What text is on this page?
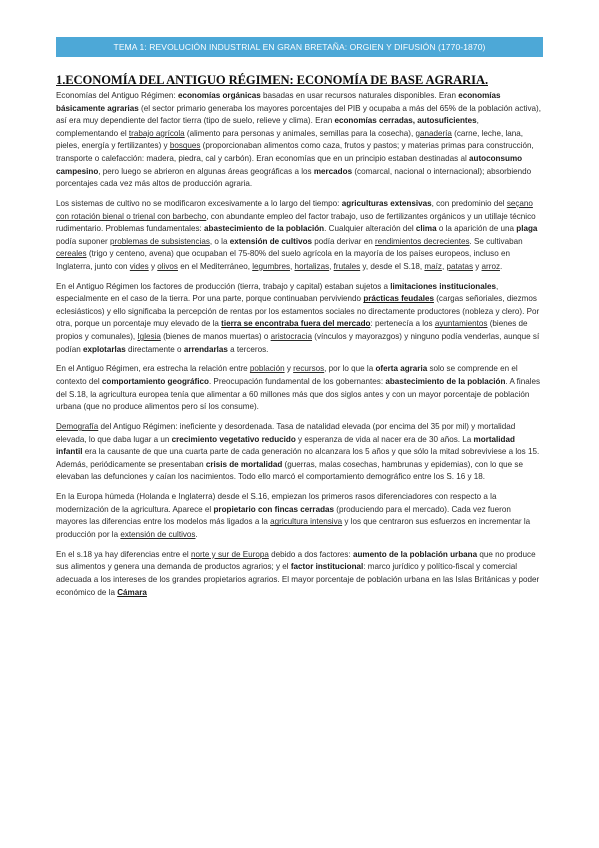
TEMA 1: REVOLUCIÓN INDUSTRIAL EN GRAN BRETAÑA: ORGIEN Y DIFUSIÓN (1770-1870)
1.ECONOMÍA DEL ANTIGUO RÉGIMEN: ECONOMÍA DE BASE AGRARIA.

Economías del Antiguo Régimen: economías orgánicas basadas en usar recursos naturales disponibles. Eran economías básicamente agrarias (el sector primario generaba los mayores porcentajes del PIB y ocupaba a más del 65% de la población activa), así era muy dependiente del factor tierra (tipo de suelo, relieve y clima). Eran economías cerradas, autosuficientes, complementando el trabajo agrícola (alimento para personas y animales, semillas para la cosecha), ganadería (carne, leche, lana, pieles, energía y fertilizantes) y bosques (proporcionaban alimentos como caza, frutos y pastos; y materias primas para construcción, transporte o calefacción: madera, piedra, cal y carbón). Eran economías que en un principio estaban destinadas al autoconsumo campesino, pero luego se abrieron en algunas áreas geográficas a los mercados (comarcal, nacional o internacional); absorbiendo porcentajes cada vez más altos de producción agraria.

Los sistemas de cultivo no se modificaron excesivamente a lo largo del tiempo: agriculturas extensivas, con predominio del seçano con rotación bienal o trienal con barbecho, con abundante empleo del factor trabajo, uso de fertilizantes orgánicos y un utillaje técnico rudimentario. Problemas fundamentales: abastecimiento de la población. Cualquier alteración del clima o la aparición de una plaga podía suponer problemas de subsistencias, o la extensión de cultivos podía derivar en rendimientos decrecientes. Se cultivaban cereales (trigo y centeno, avena) que ocupaban el 75-80% del suelo agrícola en la mayoría de los países europeos, incluso en Inglaterra, junto con vides y olivos en el Mediterráneo, legumbres, hortalizas, frutales y, desde el S.18, maíz, patatas y arroz.

En el Antiguo Régimen los factores de producción (tierra, trabajo y capital) estaban sujetos a limitaciones institucionales, especialmente en el caso de la tierra. Por una parte, porque continuaban perviviendo prácticas feudales (cargas señoriales, diezmos eclesiásticos) y ello significaba la percepción de rentas por los estamentos sociales no directamente productores (nobleza y clero). Por otra, porque un porcentaje muy elevado de la tierra se encontraba fuera del mercado: pertenecía a los ayuntamientos (bienes de propios y comunales), Iglesia (bienes de manos muertas) o aristocracia (vínculos y mayorazgos) y ninguno podía venderlas, aunque sí podían explotarlas directamente o arrendarlas a terceros.

En el Antiguo Régimen, era estrecha la relación entre población y recursos, por lo que la oferta agraria solo se comprende en el contexto del comportamiento geográfico. Preocupación fundamental de los gobernantes: abastecimiento de la población. A finales del S.18, la agricultura europea tenía que alimentar a 60 millones más que dos siglos antes y con un mayor porcentaje de población urbana (que no produce alimentos pero sí los consume).

Demografía del Antiguo Régimen: ineficiente y desordenada. Tasa de natalidad elevada (por encima del 35 por mil) y mortalidad elevada, lo que daba lugar a un crecimiento vegetativo reducido y esperanza de vida al nacer era de 30 años. La mortalidad infantil era la causante de que una cuarta parte de cada generación no alcanzara los 5 años y que sólo la mitad sobreviviese a los 15. Además, periódicamente se presentaban crisis de mortalidad (guerras, malas cosechas, hambrunas y epidemias), con lo que se elevaban las defunciones y caían los nacimientos. Todo ello marcó el comportamiento demográfico entre los S. 16 y 18.

En la Europa húmeda (Holanda e Inglaterra) desde el S.16, empiezan los primeros rasos diferenciadores con respecto a la modernización de la agricultura. Aparece el propietario con fincas cerradas (produciendo para el mercado). Cada vez fueron mayores las diferencias entre los modelos más ligados a la agricultura intensiva y los que centraron sus esfuerzos en incrementar la producción por la extensión de cultivos.

En el s.18 ya hay diferencias entre el norte y sur de Europa debido a dos factores: aumento de la población urbana que no produce sus alimentos y genera una demanda de productos agrarios; y el factor institucional: marco jurídico y político-fiscal y comercial adecuada a los intereses de los grandes propietarios agrarios. El mayor porcentaje de población urbana en las Islas Británicas y poder económico de la Cámara
